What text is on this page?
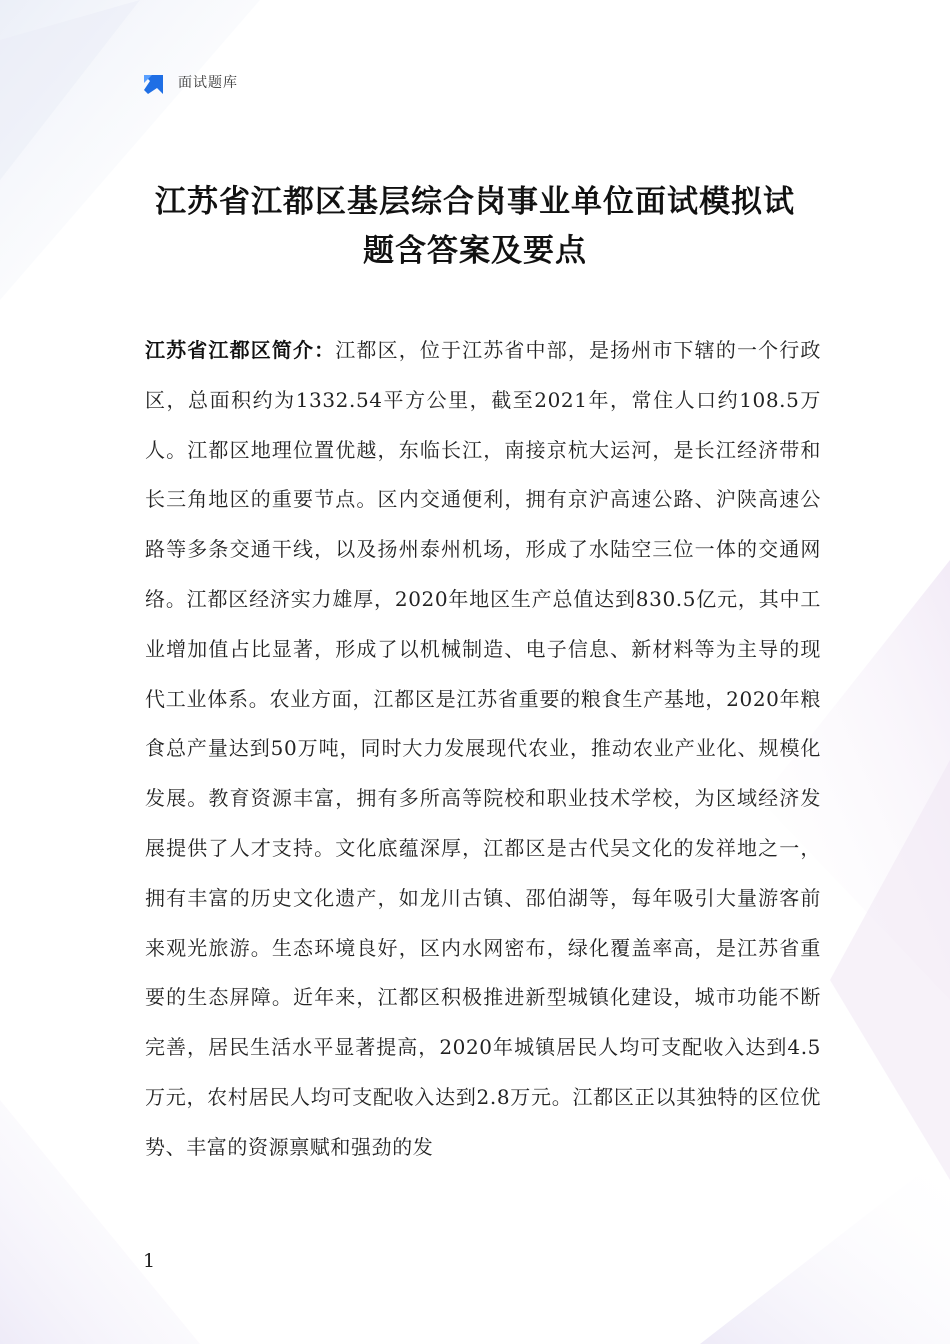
面试题库
江苏省江都区基层综合岗事业单位面试模拟试题含答案及要点

江苏省江都区简介：江都区，位于江苏省中部，是扬州市下辖的一个行政区，总面积约为1332.54平方公里，截至2021年，常住人口约108.5万人。江都区地理位置优越，东临长江，南接京杭大运河，是长江经济带和长三角地区的重要节点。区内交通便利，拥有京沪高速公路、沪陕高速公路等多条交通干线，以及扬州泰州机场，形成了水陆空三位一体的交通网络。江都区经济实力雄厚，2020年地区生产总值达到830.5亿元，其中工业增加值占比显著，形成了以机械制造、电子信息、新材料等为主导的现代工业体系。农业方面，江都区是江苏省重要的粮食生产基地，2020年粮食总产量达到50万吨，同时大力发展现代农业，推动农业产业化、规模化发展。教育资源丰富，拥有多所高等院校和职业技术学校，为区域经济发展提供了人才支持。文化底蕴深厚，江都区是古代吴文化的发祥地之一，拥有丰富的历史文化遗产，如龙川古镇、邵伯湖等，每年吸引大量游客前来观光旅游。生态环境良好，区内水网密布，绿化覆盖率高，是江苏省重要的生态屏障。近年来，江都区积极推进新型城镇化建设，城市功能不断完善，居民生活水平显著提高，2020年城镇居民人均可支配收入达到4.5万元，农村居民人均可支配收入达到2.8万元。江都区正以其独特的区位优势、丰富的资源禀赋和强劲的发

1
